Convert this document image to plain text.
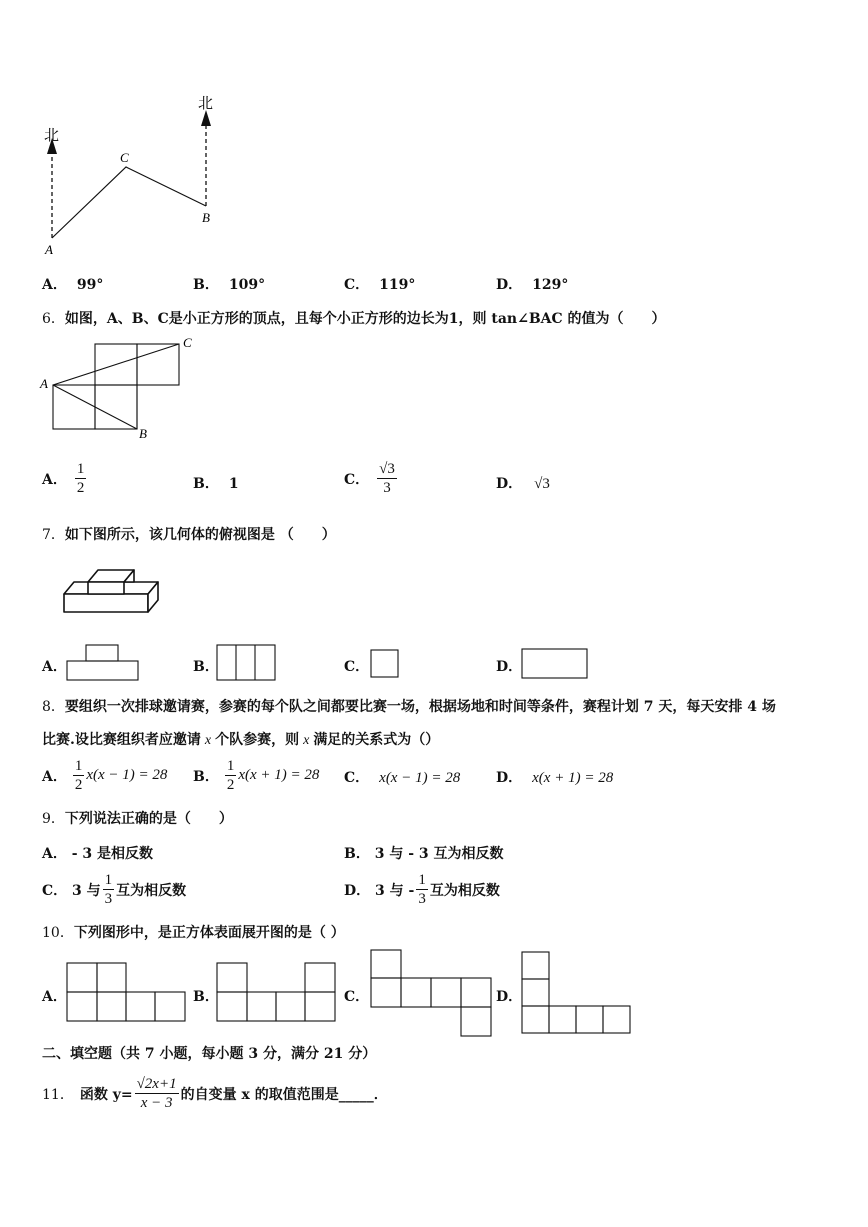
北
北
C
B
A
A． 99°	B． 109°	C． 119°	D． 129°
6．如图，A、B、C是小正方形的顶点，且每个小正方形的边长为1，则 tan∠BAC 的值为（　　）
A
C
B
A． $\frac{1}{2}$	B． 1	C． $\frac{√3}{3}$	D． √3
7．如下图所示，该几何体的俯视图是 （　　）
A．	B．	C．	D．
8．要组织一次排球邀请赛，参赛的每个队之间都要比赛一场，根据场地和时间等条件，赛程计划 7 天，每天安排 4 场
比赛.设比赛组织者应邀请 x 个队参赛，则 x 满足的关系式为（）
A． $\frac{1}{2} x(x - 1) = 28$ B． $\frac{1}{2} x(x + 1) = 28$ C． x(x − 1) = 28	D． x(x + 1) = 28
9．下列说法正确的是（　　）
A． - 3 是相反数	B． 3 与 - 3 互为相反数
C． 3 与 $\frac{1}{3}$ 互为相反数	D． 3 与 - $\frac{1}{3}$ 互为相反数
10．下列图形中，是正方体表面展开图的是（ ）
A．	B．	C．	D．
二、填空题（共 7 小题，每小题 3 分，满分 21 分）
11． 函数 $y= \frac{√2x+1}{x - 3}$ 的自变量 x 的取值范围是_____．
